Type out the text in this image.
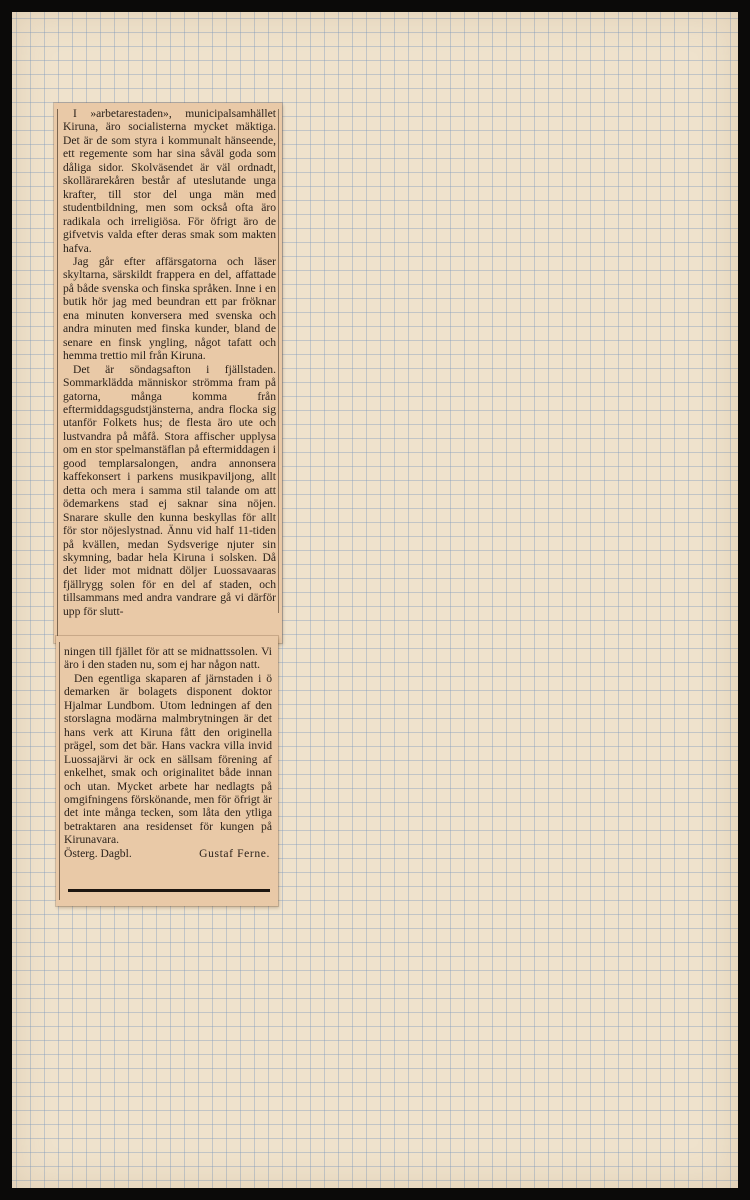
I »arbetarestaden», municipalsamhället Kiruna, äro socialisterna mycket mäktiga. Det är de som styra i kommunalt hänseende, ett regemente som har sina såväl goda som dåliga sidor. Skolväsendet är väl ordnadt, skollärarekåren består af uteslutande unga krafter, till stor del unga män med studentbildning, men som också ofta äro radikala och irreligiösa. För öfrigt äro de gifvetvis valda efter deras smak som makten hafva.

Jag går efter affärsgatorna och läser skyltarna, särskildt frappera en del, affattade på både svenska och finska språken. Inne i en butik hör jag med beundran ett par fröknar ena minuten konversera med svenska och andra minuten med finska kunder, bland de senare en finsk yngling, något tafatt och hemma trettio mil från Kiruna.

Det är söndagsafton i fjällstaden. Sommarklädda människor strömma fram på gatorna, många komma från eftermiddagsgudstjänsterna, andra flocka sig utanför Folkets hus; de flesta äro ute och lustvandra på måfå. Stora affischer upplysa om en stor spelmanstäflan på eftermiddagen i good templarsalongen, andra annonsera kaffekonsert i parkens musikpaviljong, allt detta och mera i samma stil talande om att ödemarkens stad ej saknar sina nöjen. Snarare skulle den kunna beskyllas för allt för stor nöjeslystnad. Ännu vid half 11-tiden på kvällen, medan Sydsverige njuter sin skymning, badar hela Kiruna i solsken. Då det lider mot midnatt döljer Luossavaaras fjällrygg solen för en del af staden, och tillsammans med andra vandrare gå vi därför upp för slutt-

ningen till fjället för att se midnattssolen. Vi äro i den staden nu, som ej har någon natt.

Den egentliga skaparen af järnstaden i ö demarken är bolagets disponent doktor Hjalmar Lundbom. Utom ledningen af den storslagna modärna malmbrytningen är det hans verk att Kiruna fått den originella prägel, som det bär. Hans vackra villa invid Luossajärvi är ock en sällsam förening af enkelhet, smak och originalitet både innan och utan. Mycket arbete har nedlagts på omgifningens förskönande, men för öfrigt är det inte många tecken, som låta den ytliga betraktaren ana residenset för kungen på Kirunavara.

Österg. Dagbl.	Gustaf Ferne.
